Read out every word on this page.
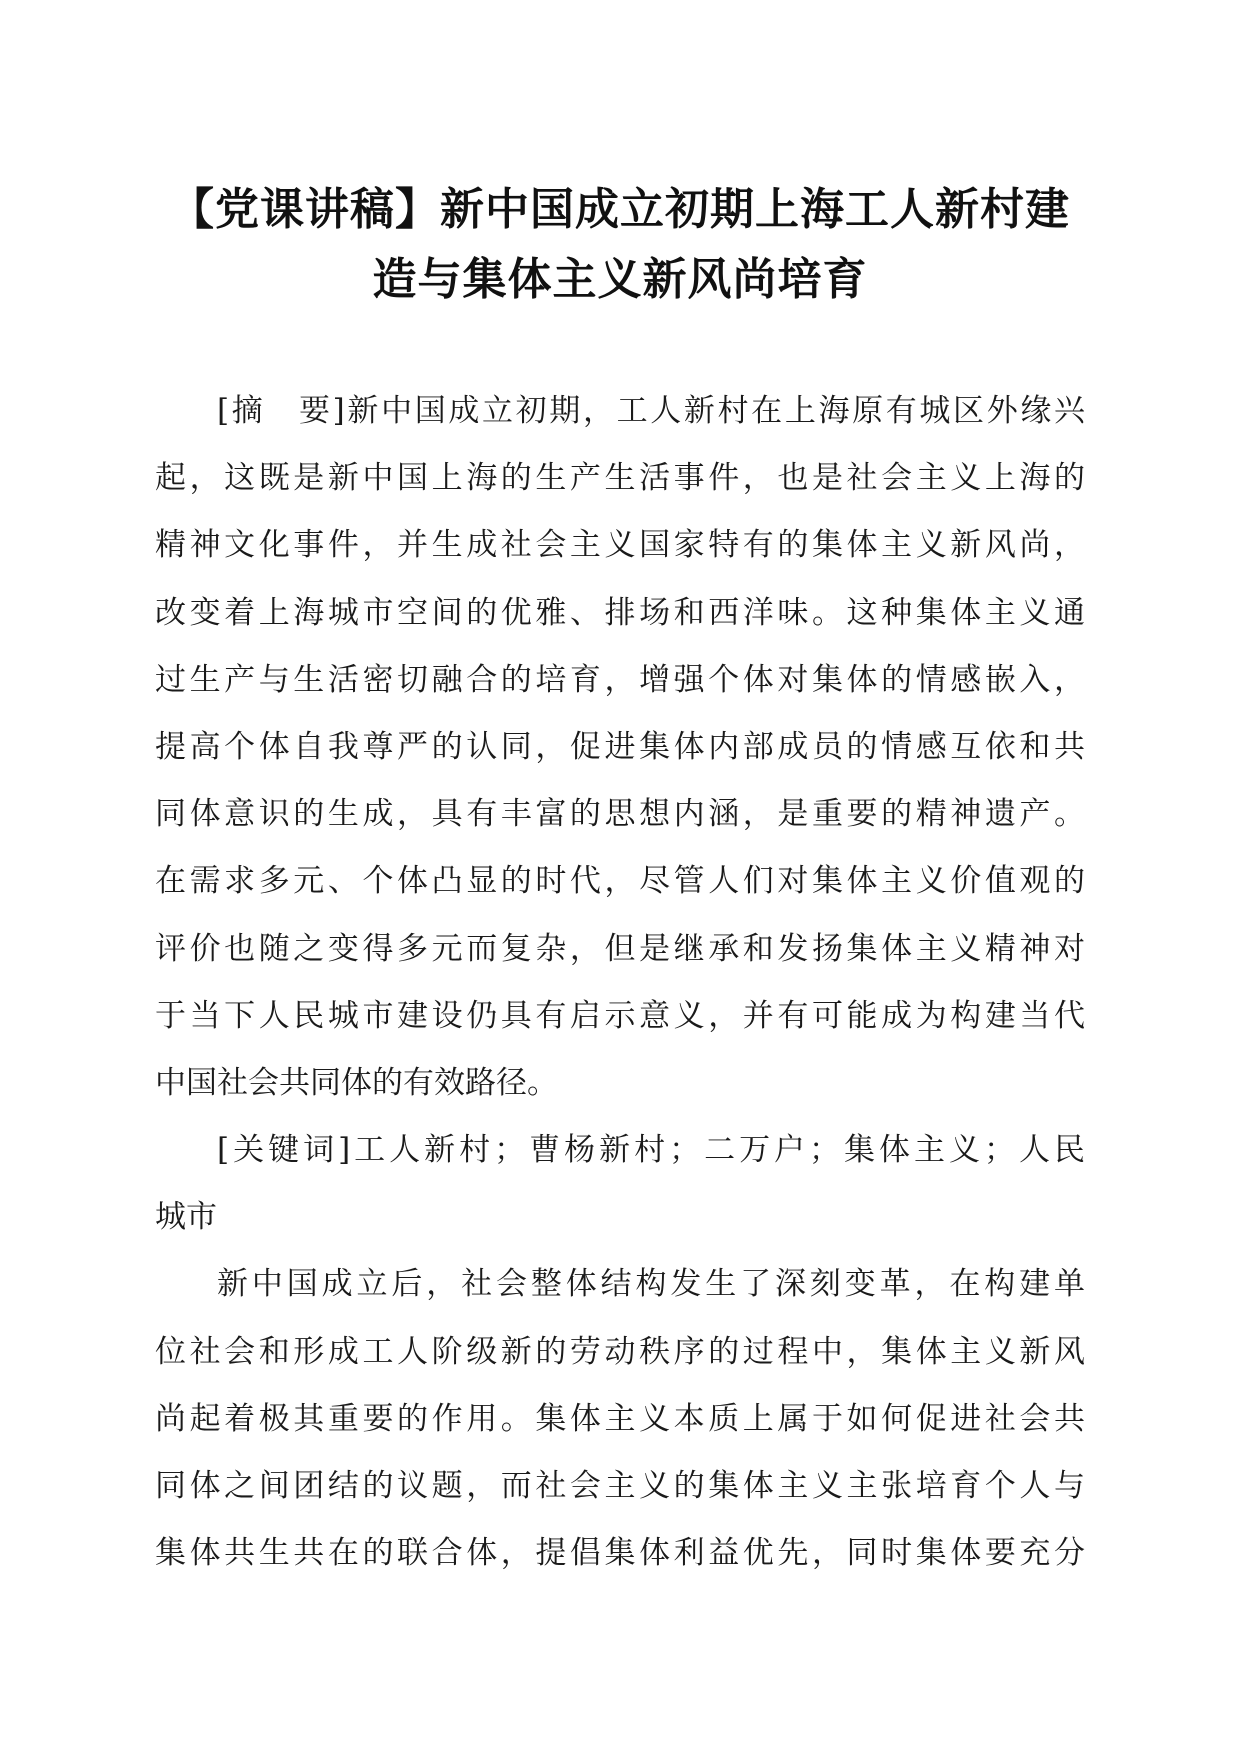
【党课讲稿】新中国成立初期上海工人新村建
造与集体主义新风尚培育

[摘　要]新中国成立初期，工人新村在上海原有城区外缘兴
起，这既是新中国上海的生产生活事件，也是社会主义上海的
精神文化事件，并生成社会主义国家特有的集体主义新风尚，
改变着上海城市空间的优雅、排场和西洋味。这种集体主义通
过生产与生活密切融合的培育，增强个体对集体的情感嵌入，
提高个体自我尊严的认同，促进集体内部成员的情感互依和共
同体意识的生成，具有丰富的思想内涵，是重要的精神遗产。
在需求多元、个体凸显的时代，尽管人们对集体主义价值观的
评价也随之变得多元而复杂，但是继承和发扬集体主义精神对
于当下人民城市建设仍具有启示意义，并有可能成为构建当代
中国社会共同体的有效路径。

[关键词]工人新村；曹杨新村；二万户；集体主义；人民
城市

新中国成立后，社会整体结构发生了深刻变革，在构建单
位社会和形成工人阶级新的劳动秩序的过程中，集体主义新风
尚起着极其重要的作用。集体主义本质上属于如何促进社会共
同体之间团结的议题，而社会主义的集体主义主张培育个人与
集体共生共在的联合体，提倡集体利益优先，同时集体要充分
